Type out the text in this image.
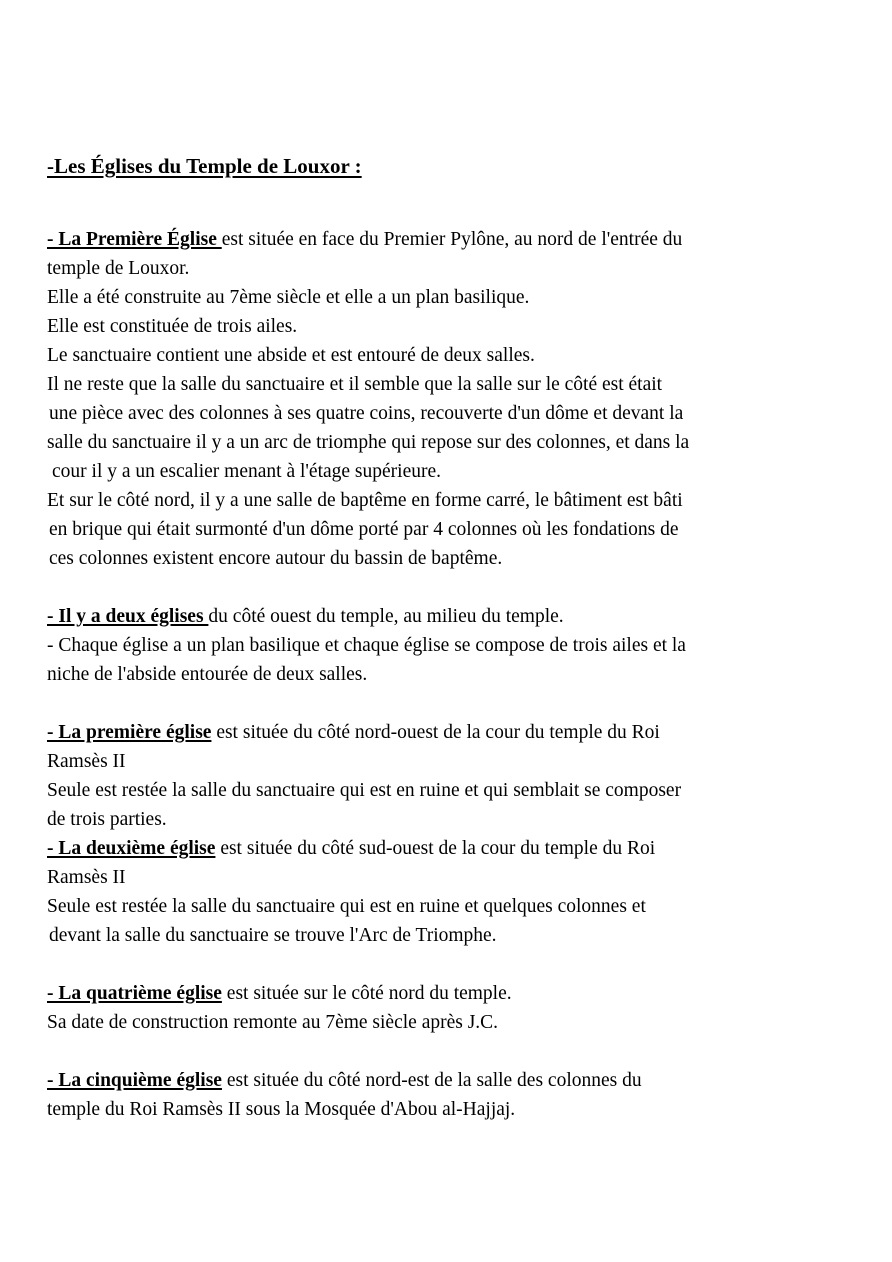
-Les Églises du Temple de Louxor :
- La Première Église est située en face du Premier Pylône, au nord de l'entrée du
temple de Louxor.
Elle a été construite au 7ème siècle et elle a un plan basilique.
Elle est constituée de trois ailes.
Le sanctuaire contient une abside et est entouré de deux salles.
Il ne reste que la salle du sanctuaire et il semble que la salle sur le côté est était
une pièce avec des colonnes à ses quatre coins, recouverte d'un dôme et devant la
salle du sanctuaire il y a un arc de triomphe qui repose sur des colonnes, et dans la
cour il y a un escalier menant à l'étage supérieure.
Et sur le côté nord, il y a une salle de baptême en forme carré, le bâtiment est bâti
en brique qui était surmonté d'un dôme porté par 4 colonnes où les fondations de
ces colonnes existent encore autour du bassin de baptême.
- Il y a deux églises du côté ouest du temple, au milieu du temple.
- Chaque église a un plan basilique et chaque église se compose de trois ailes et la
niche de l'abside entourée de deux salles.
- La première église est située du côté nord-ouest de la cour du temple du Roi
Ramsès II
Seule est restée la salle du sanctuaire qui est en ruine et qui semblait se composer
de trois parties.
- La deuxième église est située du côté sud-ouest de la cour du temple du Roi
Ramsès II
Seule est restée la salle du sanctuaire qui est en ruine et quelques colonnes et
devant la salle du sanctuaire se trouve l'Arc de Triomphe.
- La quatrième église est située sur le côté nord du temple.
Sa date de construction remonte au 7ème siècle après J.C.
- La cinquième église est située du côté nord-est de la salle des colonnes du
temple du Roi Ramsès II sous la Mosquée d'Abou al-Hajjaj.
